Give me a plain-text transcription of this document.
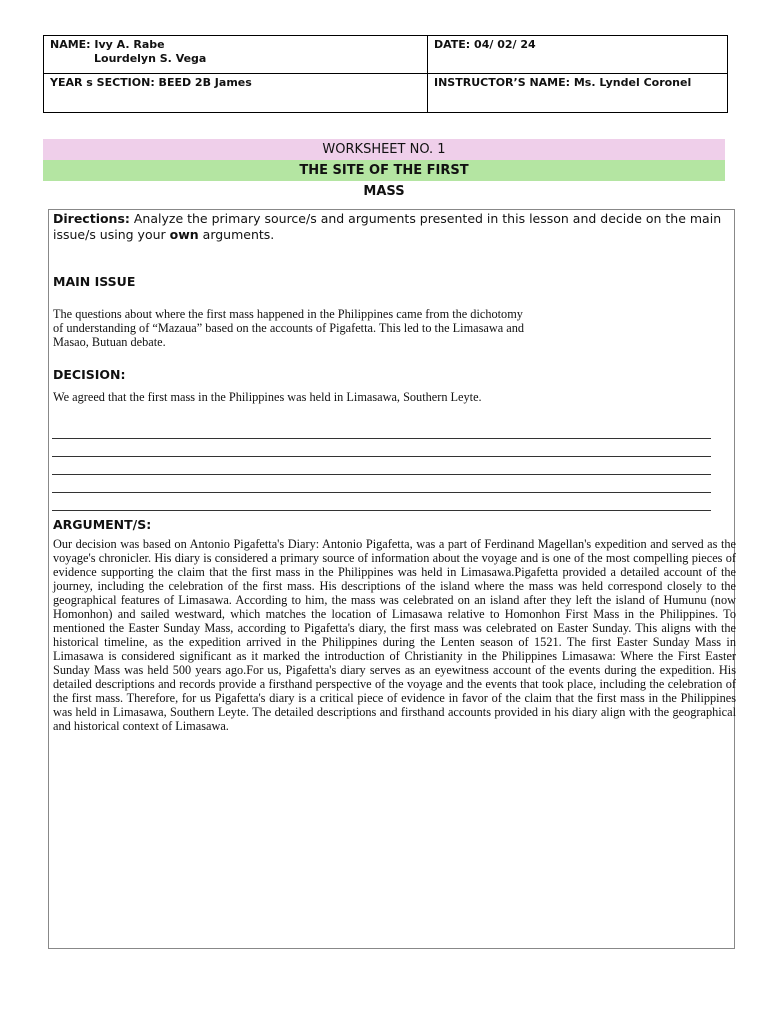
NAME: Ivy A. Rabe
Lourdelyn S. Vega
DATE: 04/ 02/ 24
YEAR s SECTION: BEED 2B James	INSTRUCTOR’S NAME: Ms. Lyndel Coronel
WORKSHEET NO. 1
THE SITE OF THE FIRST
MASS
Directions: Analyze the primary source/s and arguments presented in this lesson and decide on the main issue/s using your own arguments.
MAIN ISSUE
The questions about where the first mass happened in the Philippines came from the dichotomy
of understanding of “Mazaua” based on the accounts of Pigafetta. This led to the Limasawa and
Masao, Butuan debate.
DECISION:
We agreed that the first mass in the Philippines was held in Limasawa, Southern Leyte.
ARGUMENT/S:
Our decision was based on Antonio Pigafetta's Diary: Antonio Pigafetta, was a part of Ferdinand Magellan's expedition and served as the voyage's chronicler. His diary is considered a primary source of information about the voyage and is one of the most compelling pieces of evidence supporting the claim that the first mass in the Philippines was held in Limasawa.Pigafetta provided a detailed account of the journey, including the celebration of the first mass. His descriptions of the island where the mass was held correspond closely to the geographical features of Limasawa. According to him, the mass was celebrated on an island after they left the island of Humunu (now Homonhon) and sailed westward, which matches the location of Limasawa relative to Homonhon First Mass in the Philippines. To mentioned the Easter Sunday Mass, according to Pigafetta's diary, the first mass was celebrated on Easter Sunday. This aligns with the historical timeline, as the expedition arrived in the Philippines during the Lenten season of 1521. The first Easter Sunday Mass in Limasawa is considered significant as it marked the introduction of Christianity in the Philippines Limasawa: Where the First Easter Sunday Mass was held 500 years ago.For us, Pigafetta's diary serves as an eyewitness account of the events during the expedition. His detailed descriptions and records provide a firsthand perspective of the voyage and the events that took place, including the celebration of the first mass. Therefore, for us Pigafetta's diary is a critical piece of evidence in favor of the claim that the first mass in the Philippines was held in Limasawa, Southern Leyte. The detailed descriptions and firsthand accounts provided in his diary align with the geographical and historical context of Limasawa.
